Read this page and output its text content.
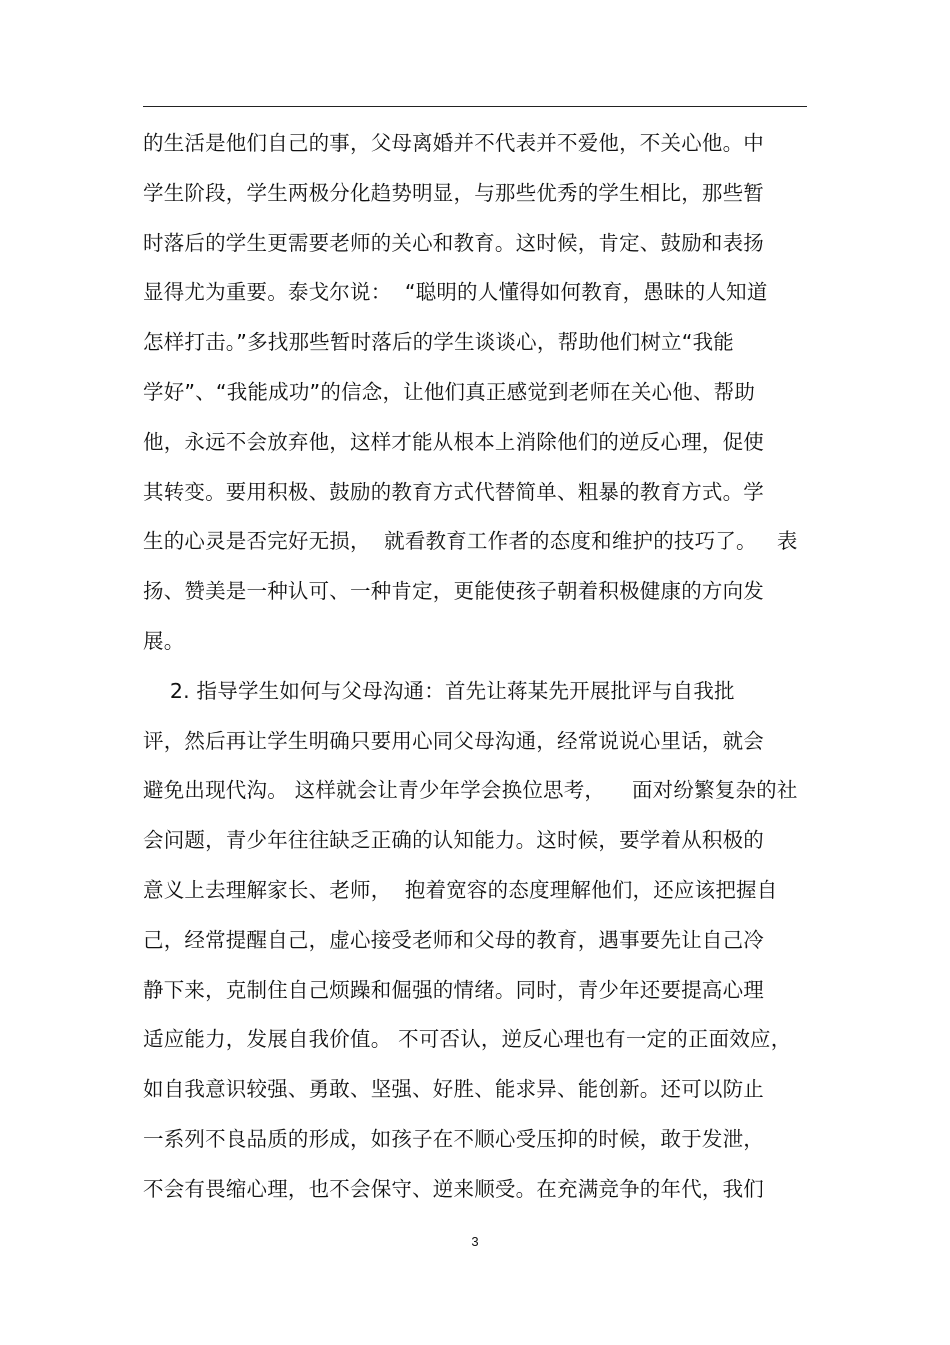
的生活是他们自己的事，父母离婚并不代表并不爱他，不关心他。中
学生阶段，学生两极分化趋势明显，与那些优秀的学生相比，那些暂
时落后的学生更需要老师的关心和教育。这时候，肯定、鼓励和表扬
显得尤为重要。泰戈尔说：  “聪明的人懂得如何教育，愚昧的人知道
怎样打击。”多找那些暂时落后的学生谈谈心，帮助他们树立“我能
学好”、“我能成功”的信念，让他们真正感觉到老师在关心他、帮助
他，永远不会放弃他，这样才能从根本上消除他们的逆反心理，促使
其转变。要用积极、鼓励的教育方式代替简单、粗暴的教育方式。学
生的心灵是否完好无损，  就看教育工作者的态度和维护的技巧了。   表
扬、赞美是一种认可、一种肯定，更能使孩子朝着积极健康的方向发
展。
2. 指导学生如何与父母沟通：首先让蒋某先开展批评与自我批
评，然后再让学生明确只要用心同父母沟通，经常说说心里话，就会
避免出现代沟。 这样就会让青少年学会换位思考，    面对纷繁复杂的社
会问题，青少年往往缺乏正确的认知能力。这时候，要学着从积极的
意义上去理解家长、老师，  抱着宽容的态度理解他们，还应该把握自
己，经常提醒自己，虚心接受老师和父母的教育，遇事要先让自己冷
静下来，克制住自己烦躁和倔强的情绪。同时，青少年还要提高心理
适应能力，发展自我价值。 不可否认，逆反心理也有一定的正面效应，
如自我意识较强、勇敢、坚强、好胜、能求异、能创新。还可以防止
一系列不良品质的形成，如孩子在不顺心受压抑的时候，敢于发泄，
不会有畏缩心理，也不会保守、逆来顺受。在充满竞争的年代，我们
3
